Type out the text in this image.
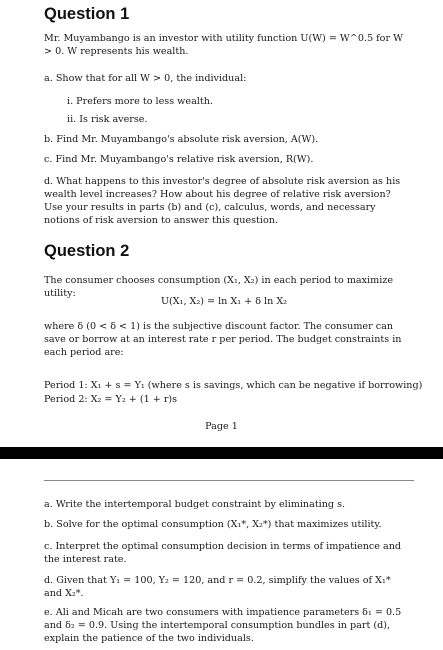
Question 1
Mr. Muyambango is an investor with utility function U(W) = W^0.5 for W > 0. W represents his wealth.
a. Show that for all W > 0, the individual:
i. Prefers more to less wealth.
ii. Is risk averse.
b. Find Mr. Muyambango's absolute risk aversion, A(W).
c. Find Mr. Muyambango's relative risk aversion, R(W).
d. What happens to this investor's degree of absolute risk aversion as his wealth level increases? How about his degree of relative risk aversion? Use your results in parts (b) and (c), calculus, words, and necessary notions of risk aversion to answer this question.
Question 2
The consumer chooses consumption (X₁, X₂) in each period to maximize utility:
U(X₁, X₂) = ln X₁ + δ ln X₂
where δ (0 < δ < 1) is the subjective discount factor. The consumer can save or borrow at an interest rate r per period. The budget constraints in each period are:
Period 1: X₁ + s = Y₁ (where s is savings, which can be negative if borrowing)
Period 2: X₂ = Y₂ + (1 + r)s
Page 1
a. Write the intertemporal budget constraint by eliminating s.
b. Solve for the optimal consumption (X₁*, X₂*) that maximizes utility.
c. Interpret the optimal consumption decision in terms of impatience and the interest rate.
d. Given that Y₁ = 100, Y₂ = 120, and r = 0.2, simplify the values of X₁* and X₂*.
e. Ali and Micah are two consumers with impatience parameters δ₁ = 0.5 and δ₂ = 0.9. Using the intertemporal consumption bundles in part (d), explain the patience of the two individuals.
